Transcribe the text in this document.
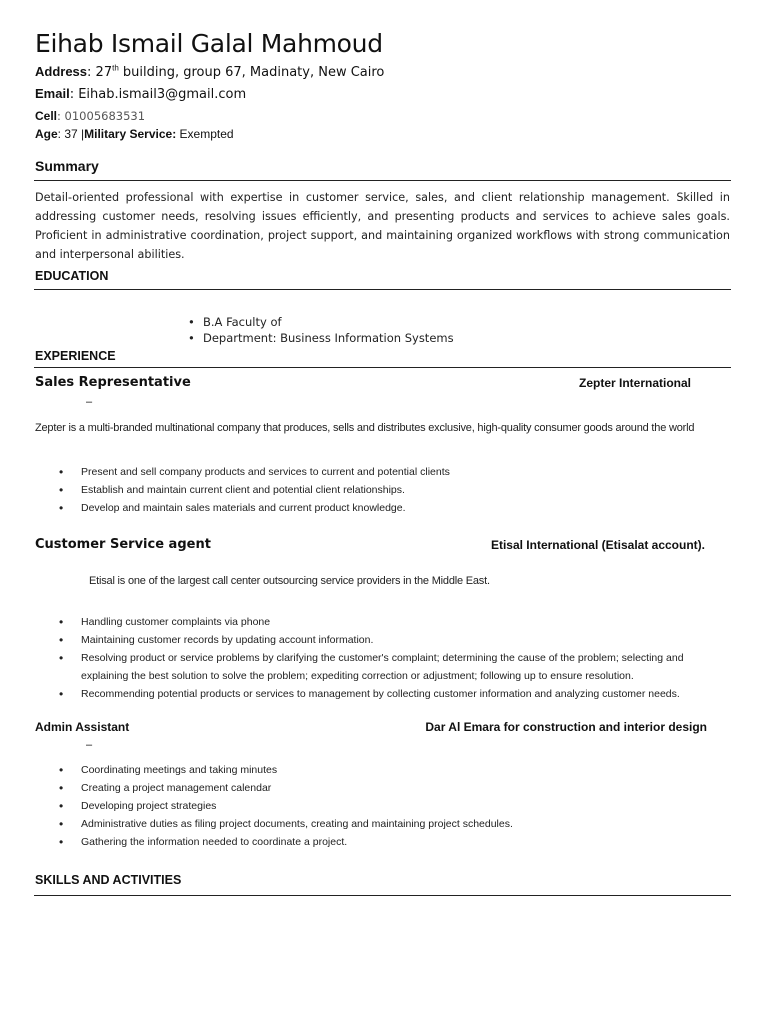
Eihab Ismail Galal Mahmoud
Address: 27th building, group 67, Madinaty, New Cairo
Email: Eihab.ismail3@gmail.com
Cell: 01005683531
Age: 37 |Military Service: Exempted
Summary
Detail-oriented professional with expertise in customer service, sales, and client relationship management. Skilled in addressing customer needs, resolving issues efficiently, and presenting products and services to achieve sales goals. Proficient in administrative coordination, project support, and maintaining organized workflows with strong communication and interpersonal abilities.
EDUCATION
• B.A Faculty of
• Department: Business Information Systems
EXPERIENCE
Sales Representative	Zepter International
–
Zepter is a multi-branded multinational company that produces, sells and distributes exclusive, high-quality consumer goods around the world
• Present and sell company products and services to current and potential clients
• Establish and maintain current client and potential client relationships.
• Develop and maintain sales materials and current product knowledge.
Customer Service agent	Etisal International (Etisalat account).
Etisal is one of the largest call center outsourcing service providers in the Middle East.
• Handling customer complaints via phone
• Maintaining customer records by updating account information.
• Resolving product or service problems by clarifying the customer's complaint; determining the cause of the problem; selecting and explaining the best solution to solve the problem; expediting correction or adjustment; following up to ensure resolution.
• Recommending potential products or services to management by collecting customer information and analyzing customer needs.
Admin Assistant	Dar Al Emara for construction and interior design
–
• Coordinating meetings and taking minutes
• Creating a project management calendar
• Developing project strategies
• Administrative duties as filing project documents, creating and maintaining project schedules.
• Gathering the information needed to coordinate a project.
SKILLS AND ACTIVITIES
